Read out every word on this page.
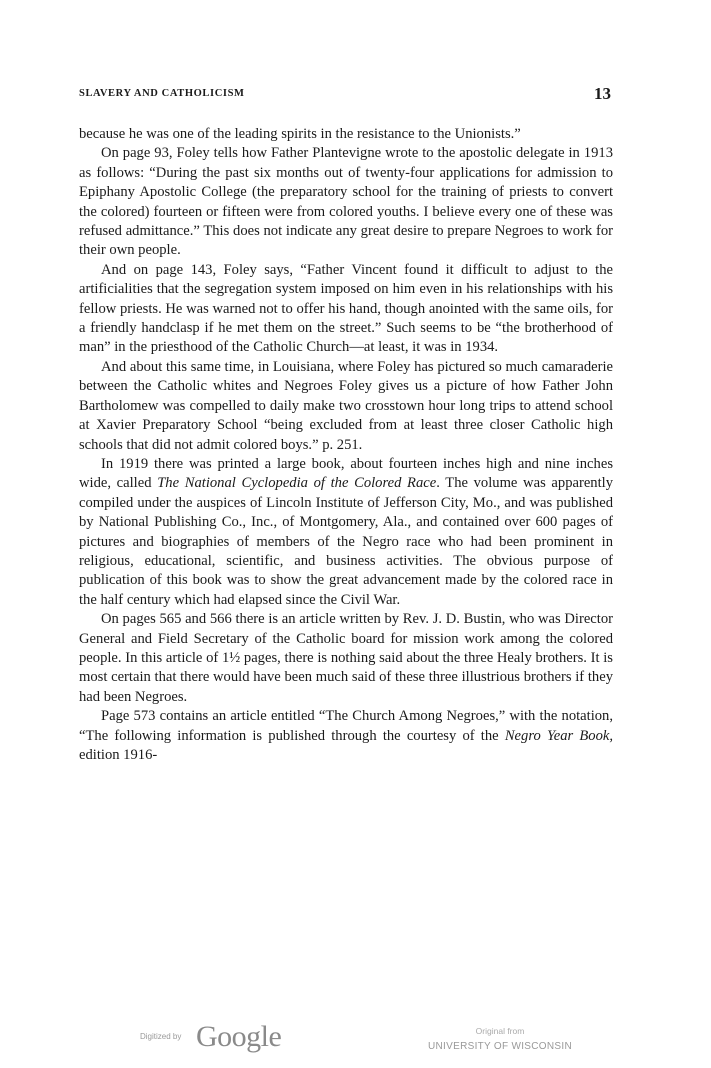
SLAVERY AND CATHOLICISM	13

because he was one of the leading spirits in the resistance to the Unionists.”

On page 93, Foley tells how Father Plantevigne wrote to the apostolic delegate in 1913 as follows: “During the past six months out of twenty-four applications for admission to Epiphany Apostolic College (the preparatory school for the training of priests to convert the colored) fourteen or fifteen were from colored youths. I believe every one of these was refused admittance.” This does not indicate any great desire to prepare Negroes to work for their own people.

And on page 143, Foley says, “Father Vincent found it difficult to adjust to the artificialities that the segregation system imposed on him even in his relationships with his fellow priests. He was warned not to offer his hand, though anointed with the same oils, for a friendly handclasp if he met them on the street.” Such seems to be “the brotherhood of man” in the priesthood of the Catholic Church—at least, it was in 1934.

And about this same time, in Louisiana, where Foley has pictured so much camaraderie between the Catholic whites and Negroes Foley gives us a picture of how Father John Bartholomew was compelled to daily make two crosstown hour long trips to attend school at Xavier Preparatory School “being excluded from at least three closer Catholic high schools that did not admit colored boys.” p. 251.

In 1919 there was printed a large book, about fourteen inches high and nine inches wide, called The National Cyclopedia of the Colored Race. The volume was apparently compiled under the auspices of Lincoln Institute of Jefferson City, Mo., and was published by National Publishing Co., Inc., of Montgomery, Ala., and contained over 600 pages of pictures and biographies of members of the Negro race who had been prominent in religious, educational, scientific, and business activities. The obvious purpose of publication of this book was to show the great advancement made by the colored race in the half century which had elapsed since the Civil War.

On pages 565 and 566 there is an article written by Rev. J. D. Bustin, who was Director General and Field Secretary of the Catholic board for mission work among the colored people. In this article of 1½ pages, there is nothing said about the three Healy brothers. It is most certain that there would have been much said of these three illustrious brothers if they had been Negroes.

Page 573 contains an article entitled “The Church Among Negroes,” with the notation, “The following information is published through the courtesy of the Negro Year Book, edition 1916-

Digitized by Google	Original from
UNIVERSITY OF WISCONSIN
